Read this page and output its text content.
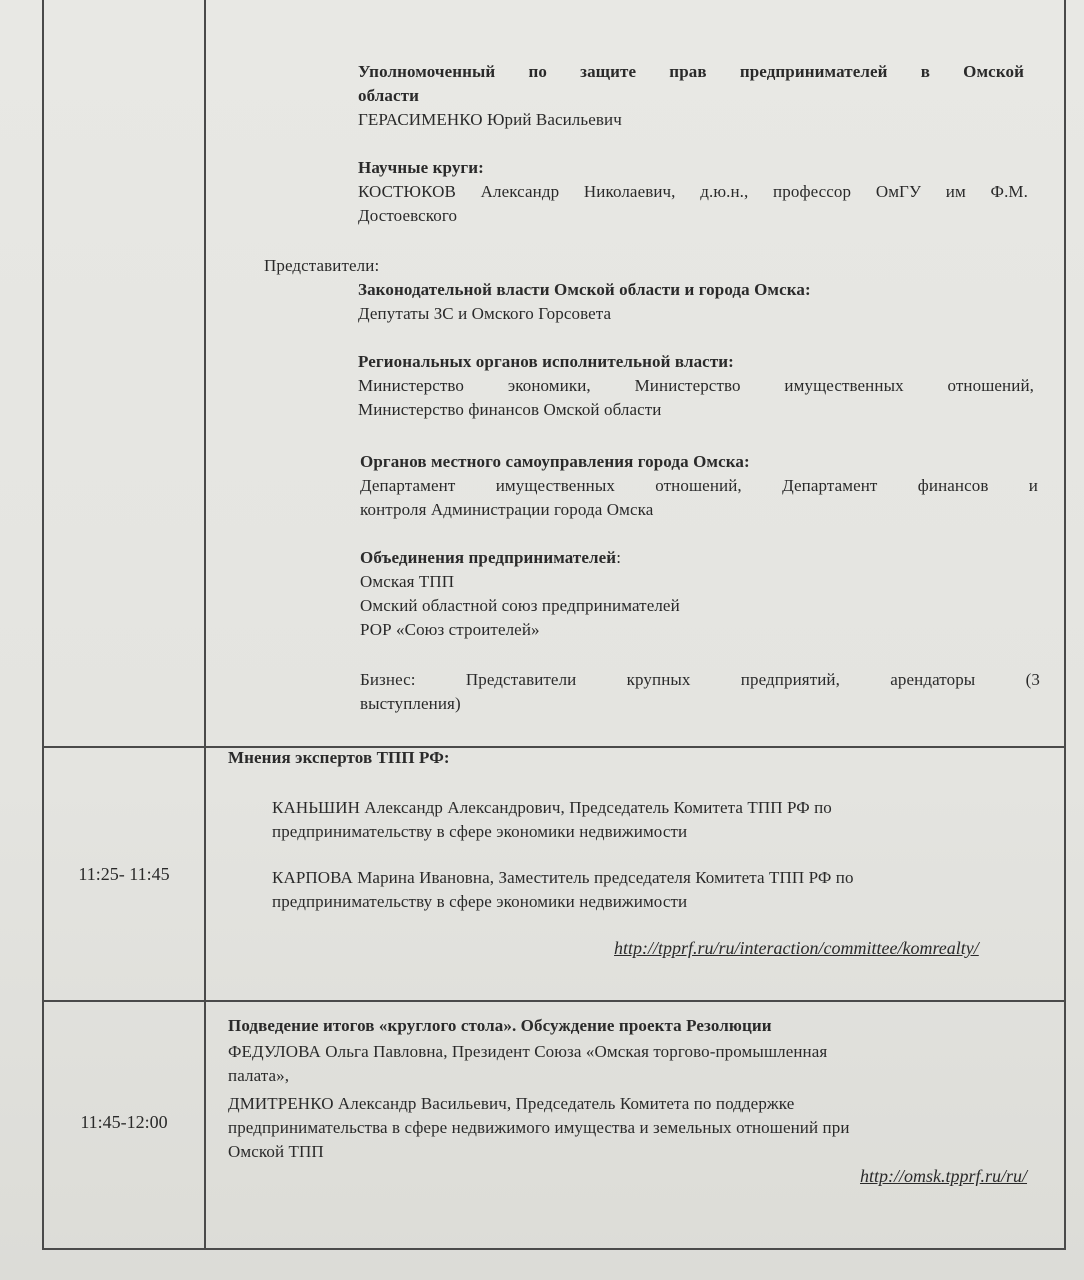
Уполномоченный по защите прав предпринимателей в Омской
области
ГЕРАСИМЕНКО Юрий Васильевич
Научные круги:
КОСТЮКОВ Александр Николаевич, д.ю.н., профессор ОмГУ им Ф.М.
Достоевского
Представители:
Законодательной власти Омской области и города Омска:
Депутаты ЗС и Омского Горсовета
Региональных органов исполнительной власти:
Министерство экономики, Министерство имущественных отношений,
Министерство финансов Омской области
Органов местного самоуправления города Омска:
Департамент имущественных отношений, Департамент финансов и
контроля Администрации города Омска
Объединения предпринимателей:
Омская ТПП
Омский областной союз предпринимателей
РОР «Союз строителей»
Бизнес: Представители крупных предприятий, арендаторы (3
выступления)
11:25- 11:45
Мнения экспертов ТПП РФ:
КАНЬШИН Александр Александрович, Председатель Комитета ТПП РФ по
предпринимательству в сфере экономики недвижимости
КАРПОВА Марина Ивановна, Заместитель председателя Комитета ТПП РФ по
предпринимательству в сфере экономики недвижимости
http://tpprf.ru/ru/interaction/committee/komrealty/
11:45-12:00
Подведение итогов «круглого стола». Обсуждение проекта Резолюции
ФЕДУЛОВА Ольга Павловна, Президент Союза «Омская торгово-промышленная
палата»,
ДМИТРЕНКО Александр Васильевич, Председатель Комитета по поддержке
предпринимательства в сфере недвижимого имущества и земельных отношений при
Омской ТПП
http://omsk.tpprf.ru/ru/
